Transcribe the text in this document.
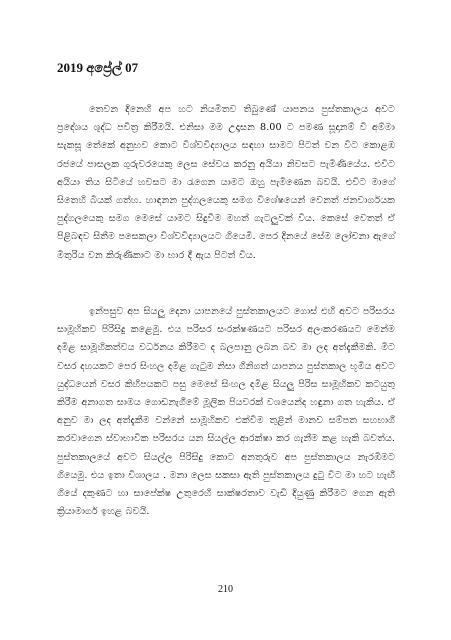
2019 අප්‍රේල් 07

තෙවන දිනෙහි අප හට නියමිතව තිබුණේ යාපනය පුස්තකාලය අවට ප්‍රදේශය ශුද්ධ පවිත්‍ර කිරීමයි. එනිසා මම උදෑසන 8.00 ට පමණ සූදානම් වී අම්මා සැකසූ තේකේ අනුභව කොට විශ්වවිද්‍යාලය සඳහා සාමට පිටත් වන විට කොළඹ රජයේ පාසලක ගුරුවරයෙකු ලෙස සේවය කරනු අයියා නිවසට පැමිණියේය. එවිට අයියා තිය සිටියේ හවසට මා රැගෙන යාමට ඔහු පැමිණෙන බවයි. එවිට මාගේ සිතෙහි බියක් ගත්හ. හාඳනන පුද්ගලයෙකු සමග විශේෂයෙන් වෙනත් ජනවාර්ගයක පුද්ගලයෙකු සමග මෙසේ යාමට සිදුවීම මහත් ගැටලුවක් විය. කෙසේ වෙතත් ඒ පිළිබඳව සිතීම පසෙකලා විශ්වවිද්‍යාලයට ගියෙමි. පෙර දිනයේ සේම ලෝචනා ඇගේ මිතුරිය වන කිරුණිකාට මා භාර දී ඇය පිටත් විය.

ඉන්පසුව අප සියලු දෙනා යාපනයේ පුස්තකාලයට ගොස් එහි අවට පරිසරය සාමූහිකව පිරිසිදු කළෙමු. එය පරිසර සංරක්ෂණයට පරිසර අලංකරණයට මෙන්ම දමිළ සාමූහිකත්වය වර්ධනය කිරීමට ද බලපානු ලබන බව මා ලද අත්දැකීමකි. මීට වසර දහයකට පෙර සිංහල දමිළ ගැටුම නිසා ගිනිගත් යාපනය පුස්තකාල භූමිය අවට යුද්ධයෙන් වසර කිහිපයකට පසු මෙසේ සිංහල දමිළ සියලු පිරිස සාමූහිකව කටයුතු කිරීම අනාගත සාමය ගොඩනැගීමේ මූලික පියවරක් වශයෙන්ද හඳුනා ගත හැකිය. ඒ අනුව මා ලද අත්දැකීම වන්නේ සාමූහිකව එක්වීම තුළින් මානව සම්පත සහභාගී කරවාගෙන ස්වාභාවික පරිසරය යන සියල්ල ආරක්ෂා කර ගැනීම කළ හැකි බවත්ය. පුස්තකාලයේ අවට සියල්ල පිරිසිදු කොට අනතුරුව අප පුස්තකාලය නැරඹීමට ගියෙමු. එය ඉතා විශාලය . මනා ලෙස සකසා ඇති පුස්තකාලය දුටු විට මා හට හැඟී ගියේ දකුණට හා සාපේක්ෂ උතුරෙහි සාක්ෂරතාව වැඩි දියුණු කිරීමට ගෙන ඇති ක්‍රියාමාර්ග ඉහළ බවයි.

210
